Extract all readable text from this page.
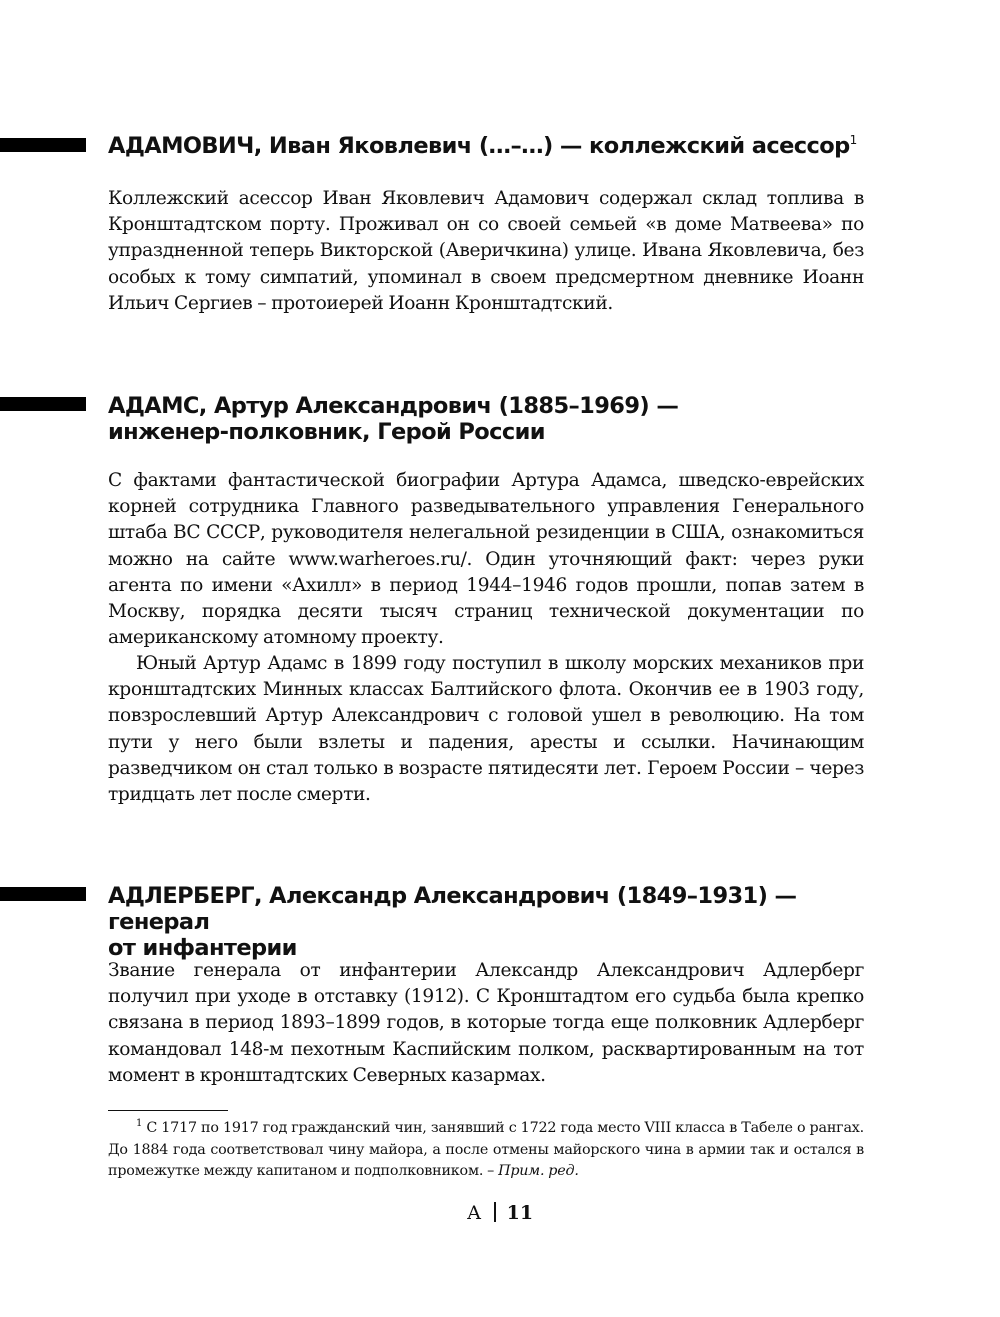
АДАМОВИЧ, Иван Яковлевич (…–…) — коллежский асессор$^1$

Коллежский асессор Иван Яковлевич Адамович содержал склад топлива в Кронштадтском порту. Проживал он со своей семьей «в доме Матвеева» по упраздненной теперь Викторской (Аверичкина) улице. Ивана Яковлевича, без особых к тому симпатий, упоминал в своем предсмертном дневнике Иоанн Ильич Сергиев – протоиерей Иоанн Кронштадтский.

АДАМС, Артур Александрович (1885–1969) —
инженер-полковник, Герой России

С фактами фантастической биографии Артура Адамса, шведско-еврейских корней сотрудника Главного разведывательного управления Генерального штаба ВС СССР, руководителя нелегальной резиденции в США, ознакомиться можно на сайте www.warheroes.ru/. Один уточняющий факт: через руки агента по имени «Ахилл» в период 1944–1946 годов прошли, попав затем в Москву, порядка десяти тысяч страниц технической документации по американскому атомному проекту.

Юный Артур Адамс в 1899 году поступил в школу морских механиков при кронштадтских Минных классах Балтийского флота. Окончив ее в 1903 году, повзрослевший Артур Александрович с головой ушел в революцию. На том пути у него были взлеты и падения, аресты и ссылки. Начинающим разведчиком он стал только в возрасте пятидесяти лет. Героем России – через тридцать лет после смерти.

АДЛЕРБЕРГ, Александр Александрович (1849–1931) — генерал
от инфантерии

Звание генерала от инфантерии Александр Александрович Адлерберг получил при уходе в отставку (1912). С Кронштадтом его судьба была крепко связана в период 1893–1899 годов, в которые тогда еще полковник Адлерберг командовал 148-м пехотным Каспийским полком, расквартированным на тот момент в кронштадтских Северных казармах.

$^1$ С 1717 по 1917 год гражданский чин, занявший с 1722 года место VIII класса в Табеле о рангах. До 1884 года соответствовал чину майора, а после отмены майорского чина в армии так и остался в промежутке между капитаном и подполковником. – Прим. ред.

А 11
